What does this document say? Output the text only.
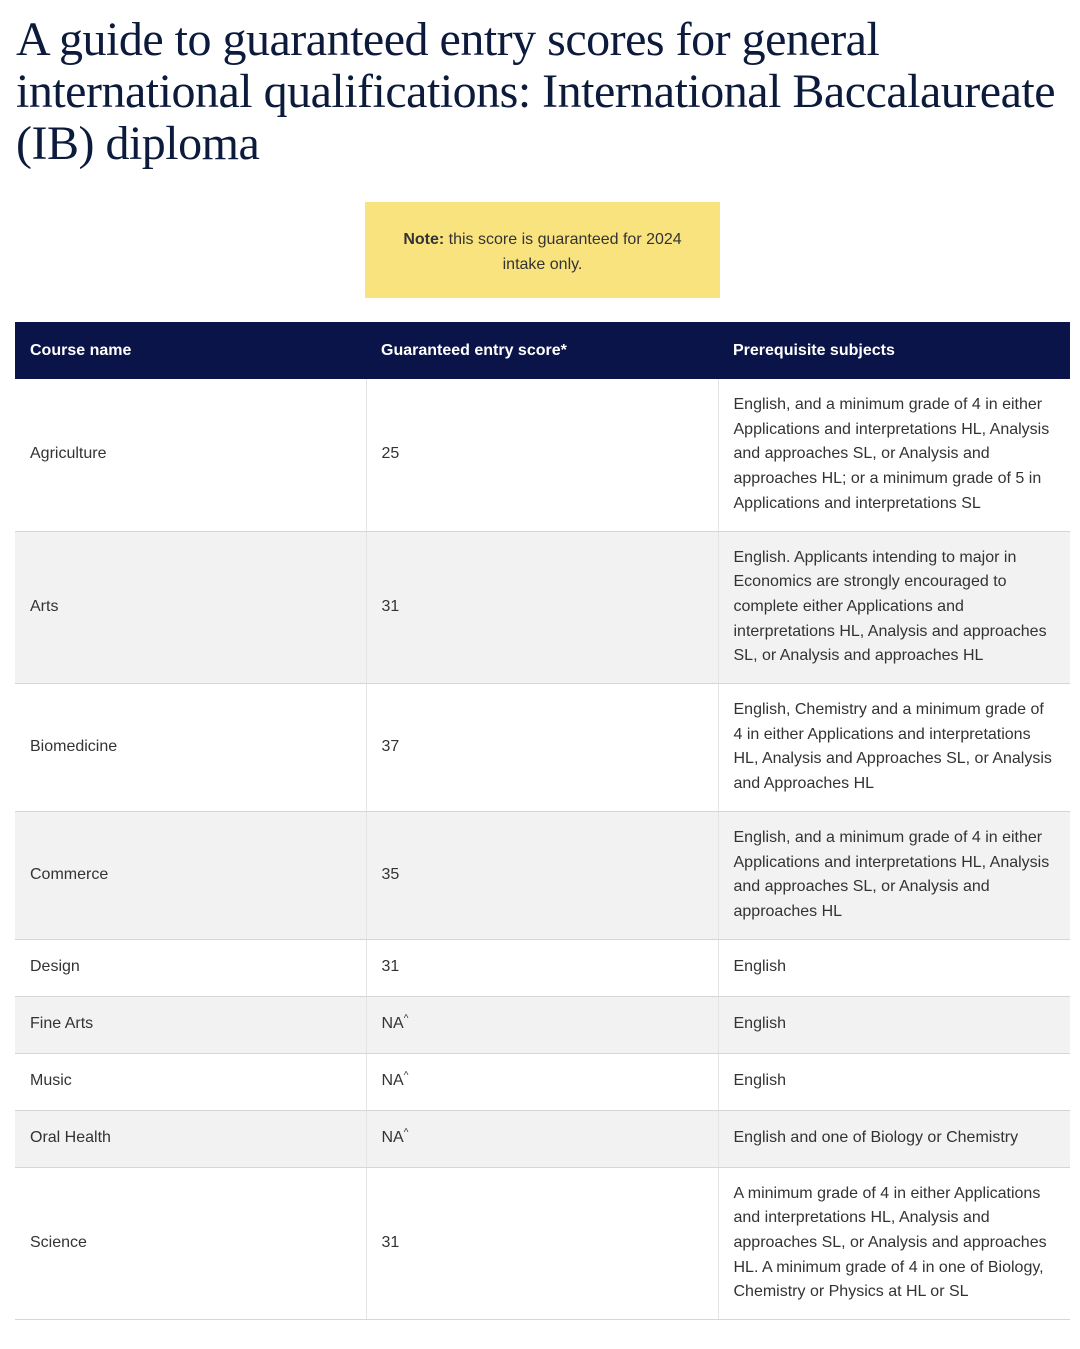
A guide to guaranteed entry scores for general international qualifications: International Baccalaureate (IB) diploma
Note: this score is guaranteed for 2024 intake only.
Course name	Guaranteed entry score*	Prerequisite subjects
Agriculture	25	English, and a minimum grade of 4 in either Applications and interpretations HL, Analysis and approaches SL, or Analysis and approaches HL; or a minimum grade of 5 in Applications and interpretations SL
Arts	31	English. Applicants intending to major in Economics are strongly encouraged to complete either Applications and interpretations HL, Analysis and approaches SL, or Analysis and approaches HL
Biomedicine	37	English, Chemistry and a minimum grade of 4 in either Applications and interpretations HL, Analysis and Approaches SL, or Analysis and Approaches HL
Commerce	35	English, and a minimum grade of 4 in either Applications and interpretations HL, Analysis and approaches SL, or Analysis and approaches HL
Design	31	English
Fine Arts	NA^	English
Music	NA^	English
Oral Health	NA^	English and one of Biology or Chemistry
Science	31	A minimum grade of 4 in either Applications and interpretations HL, Analysis and approaches SL, or Analysis and approaches HL. A minimum grade of 4 in one of Biology, Chemistry or Physics at HL or SL
